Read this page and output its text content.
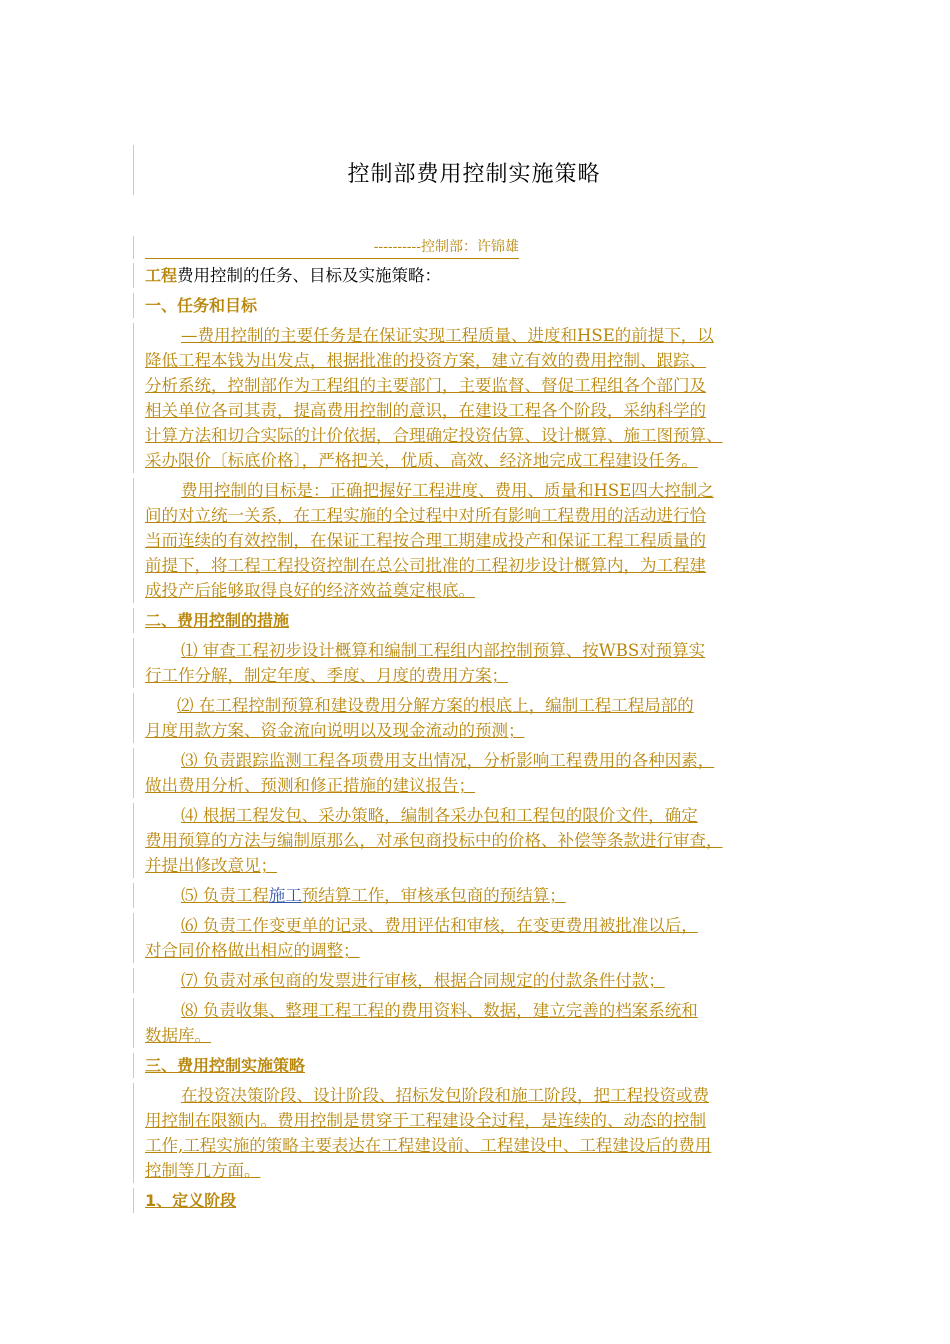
控制部费用控制实施策略
----------控制部：许锦雄
工程费用控制的任务、目标及实施策略：
一、任务和目标
—费用控制的主要任务是在保证实现工程质量、进度和HSE的前提下，以
降低工程本钱为出发点，根据批准的投资方案，建立有效的费用控制、跟踪、
分析系统，控制部作为工程组的主要部门，主要监督、督促工程组各个部门及
相关单位各司其责，提高费用控制的意识，在建设工程各个阶段，采纳科学的
计算方法和切合实际的计价依据，合理确定投资估算、设计概算、施工图预算、
采办限价〔标底价格〕，严格把关，优质、高效、经济地完成工程建设任务。
费用控制的目标是：正确把握好工程进度、费用、质量和HSE四大控制之
间的对立统一关系，在工程实施的全过程中对所有影响工程费用的活动进行恰
当而连续的有效控制，在保证工程按合理工期建成投产和保证工程工程质量的
前提下，将工程工程投资控制在总公司批准的工程初步设计概算内，为工程建
成投产后能够取得良好的经济效益奠定根底。
二、费用控制的措施
⑴ 审查工程初步设计概算和编制工程组内部控制预算、按WBS对预算实
行工作分解，制定年度、季度、月度的费用方案；
⑵ 在工程控制预算和建设费用分解方案的根底上，编制工程工程局部的
月度用款方案、资金流向说明以及现金流动的预测；
⑶ 负责跟踪监测工程各项费用支出情况，分析影响工程费用的各种因素，
做出费用分析、预测和修正措施的建议报告；
⑷ 根据工程发包、采办策略，编制各采办包和工程包的限价文件，确定
费用预算的方法与编制原那么，对承包商投标中的价格、补偿等条款进行审查，
并提出修改意见；
⑸ 负责工程施工预结算工作，审核承包商的预结算；
⑹ 负责工作变更单的记录、费用评估和审核，在变更费用被批准以后，
对合同价格做出相应的调整；
⑺ 负责对承包商的发票进行审核，根据合同规定的付款条件付款；
⑻ 负责收集、整理工程工程的费用资料、数据，建立完善的档案系统和
数据库。
三、费用控制实施策略
在投资决策阶段、设计阶段、招标发包阶段和施工阶段，把工程投资或费
用控制在限额内。费用控制是贯穿于工程建设全过程，是连续的、动态的控制
工作,工程实施的策略主要表达在工程建设前、工程建设中、工程建设后的费用
控制等几方面。
1、定义阶段
